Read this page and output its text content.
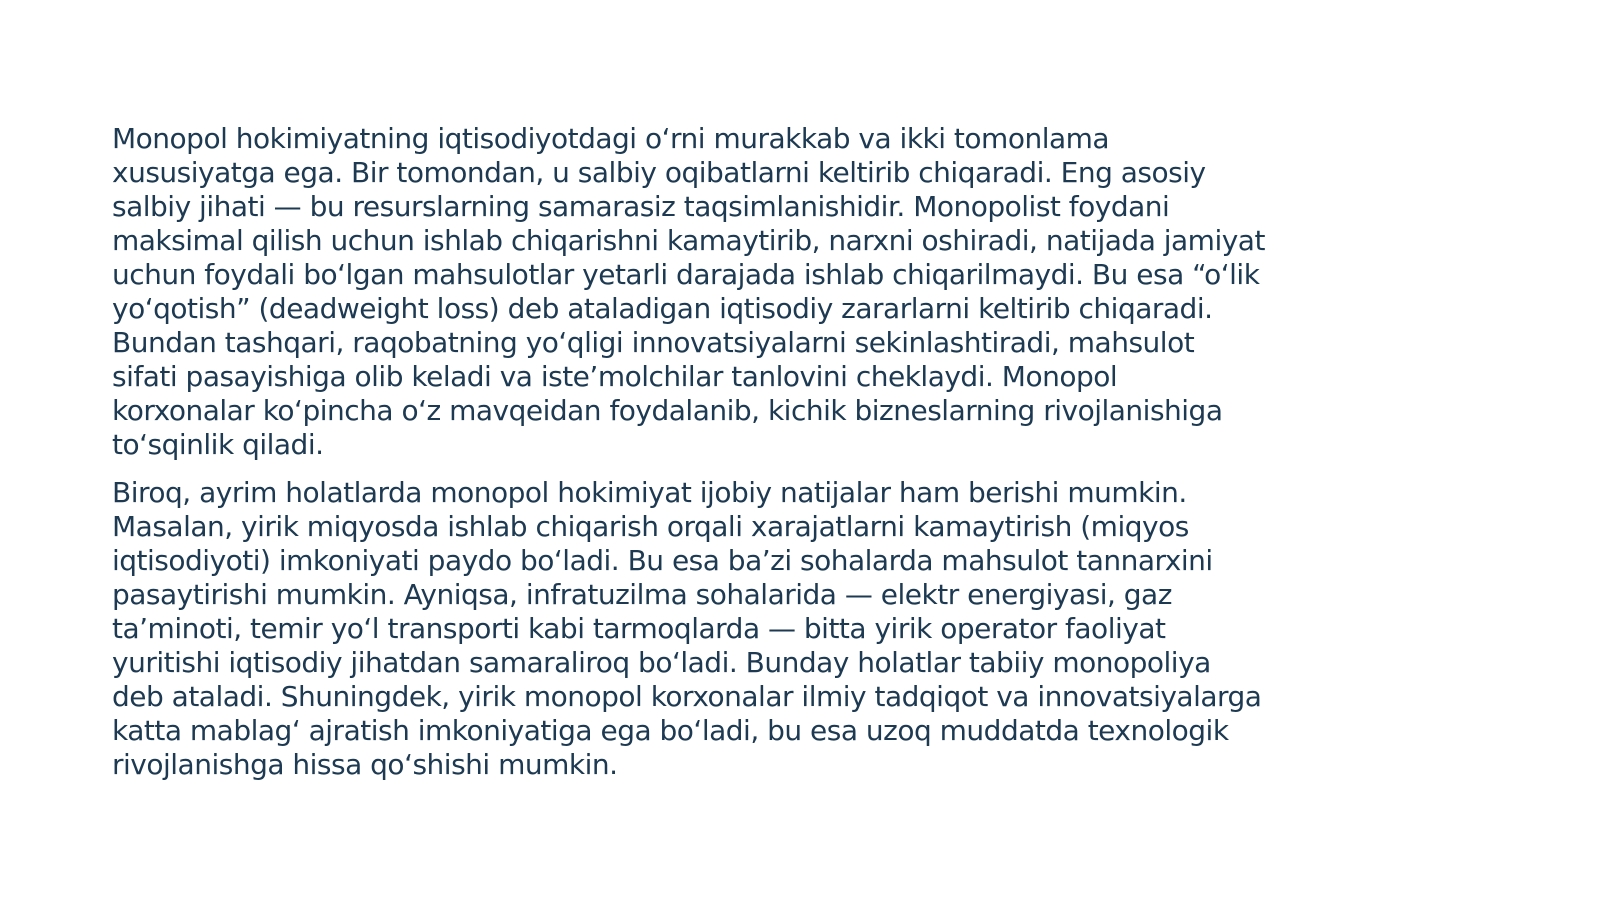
Monopol hokimiyatning iqtisodiyotdagi o‘rni murakkab va ikki tomonlama
xususiyatga ega. Bir tomondan, u salbiy oqibatlarni keltirib chiqaradi. Eng asosiy
salbiy jihati — bu resurslarning samarasiz taqsimlanishidir. Monopolist foydani
maksimal qilish uchun ishlab chiqarishni kamaytirib, narxni oshiradi, natijada jamiyat
uchun foydali bo‘lgan mahsulotlar yetarli darajada ishlab chiqarilmaydi. Bu esa “o‘lik
yo‘qotish” (deadweight loss) deb ataladigan iqtisodiy zararlarni keltirib chiqaradi.
Bundan tashqari, raqobatning yo‘qligi innovatsiyalarni sekinlashtiradi, mahsulot
sifati pasayishiga olib keladi va iste’molchilar tanlovini cheklaydi. Monopol
korxonalar ko‘pincha o‘z mavqeidan foydalanib, kichik bizneslarning rivojlanishiga
to‘sqinlik qiladi.

Biroq, ayrim holatlarda monopol hokimiyat ijobiy natijalar ham berishi mumkin.
Masalan, yirik miqyosda ishlab chiqarish orqali xarajatlarni kamaytirish (miqyos
iqtisodiyoti) imkoniyati paydo bo‘ladi. Bu esa ba’zi sohalarda mahsulot tannarxini
pasaytirishi mumkin. Ayniqsa, infratuzilma sohalarida — elektr energiyasi, gaz
ta’minoti, temir yo‘l transporti kabi tarmoqlarda — bitta yirik operator faoliyat
yuritishi iqtisodiy jihatdan samaraliroq bo‘ladi. Bunday holatlar tabiiy monopoliya
deb ataladi. Shuningdek, yirik monopol korxonalar ilmiy tadqiqot va innovatsiyalarga
katta mablag‘ ajratish imkoniyatiga ega bo‘ladi, bu esa uzoq muddatda texnologik
rivojlanishga hissa qo‘shishi mumkin.
